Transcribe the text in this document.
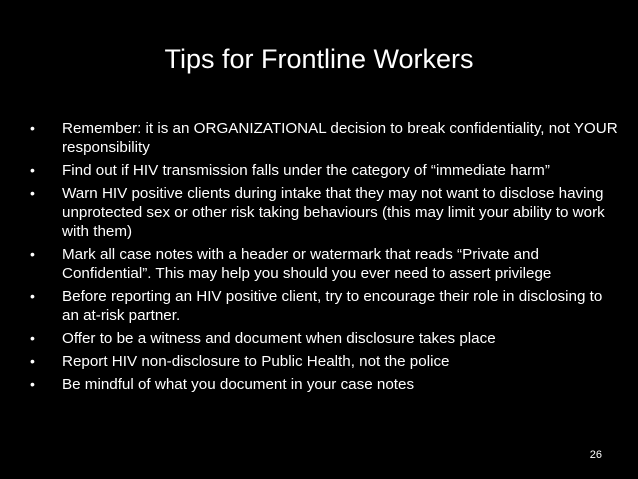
Tips for Frontline Workers
•	Remember: it is an ORGANIZATIONAL decision to break confidentiality, not YOUR responsibility
•	Find out if HIV transmission falls under the category of “immediate harm”
•	Warn HIV positive clients during intake that they may not want to disclose having unprotected sex or other risk taking behaviours (this may limit your ability to work with them)
•	Mark all case notes with a header or watermark that reads “Private and Confidential”. This may help you should you ever need to assert privilege
•	Before reporting an HIV positive client, try to encourage their role in disclosing to an at-risk partner.
•	Offer to be a witness and document when disclosure takes place
•	Report HIV non-disclosure to Public Health, not the police
•	Be mindful of what you document in your case notes
26
